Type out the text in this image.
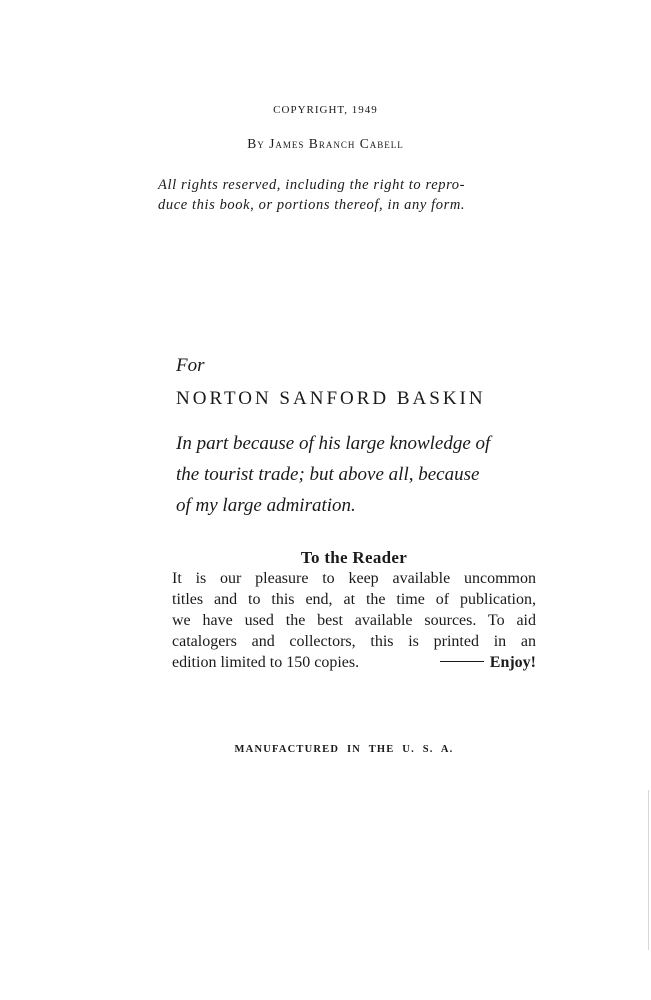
COPYRIGHT, 1949
By James Branch Cabell
All rights reserved, including the right to repro-
duce this book, or portions thereof, in any form.
For
NORTON SANFORD BASKIN
In part because of his large knowledge of
the tourist trade; but above all, because
of my large admiration.
To the Reader
It is our pleasure to keep available uncommon
titles and to this end, at the time of publication,
we have used the best available sources. To aid
catalogers and collectors, this is printed in an
edition limited to 150 copies.	Enjoy!
MANUFACTURED IN THE U. S. A.
